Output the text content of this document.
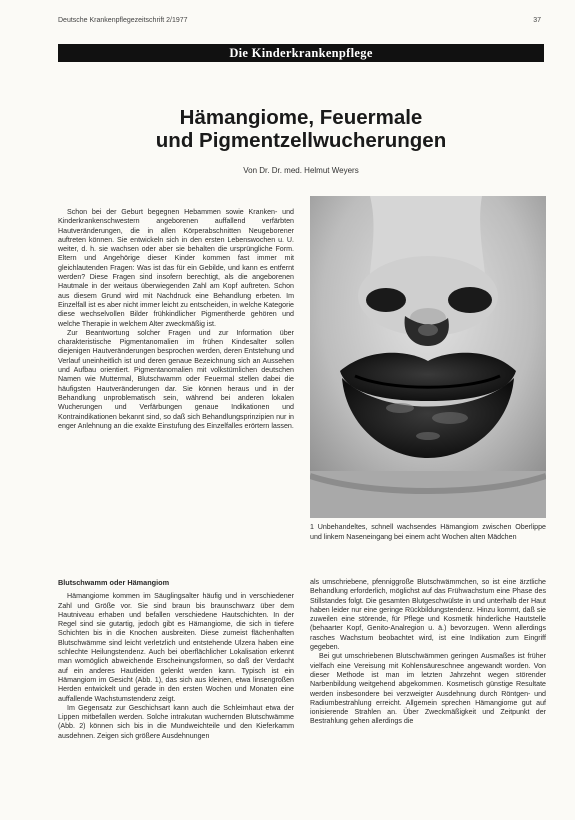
Deutsche Krankenpflegezeitschrift 2/1977	37
Die Kinderkrankenpflege
Hämangiome, Feuermale
und Pigmentzellwucherungen
Von Dr. Dr. med. Helmut Weyers

Schon bei der Geburt begegnen Hebammen sowie Kranken- und Kinderkrankenschwestern angeborenen auffallend verfärbten Hautveränderungen, die in allen Körperabschnitten Neugeborener auftreten können. Sie entwickeln sich in den ersten Lebenswochen u. U. weiter, d. h. sie wachsen oder aber sie behalten die ursprüngliche Form. Eltern und Angehörige dieser Kinder kommen fast immer mit gleichlautenden Fragen: Was ist das für ein Gebilde, und kann es entfernt werden? Diese Fragen sind insofern berechtigt, als die angeborenen Hautmale in der weitaus überwiegenden Zahl am Kopf auftreten. Schon aus diesem Grund wird mit Nachdruck eine Behandlung erbeten. Im Einzelfall ist es aber nicht immer leicht zu entscheiden, in welche Kategorie diese wechselvollen Bilder frühkindlicher Pigmentherde gehören und welche Therapie in welchem Alter zweckmäßig ist.

Zur Beantwortung solcher Fragen und zur Information über charakteristische Pigmentanomalien im frühen Kindesalter sollen diejenigen Hautveränderungen besprochen werden, deren Entstehung und Verlauf uneinheitlich ist und deren genaue Bezeichnung sich an Aussehen und Aufbau orientiert. Pigmentanomalien mit volkstümlichen deutschen Namen wie Muttermal, Blutschwamm oder Feuermal stellen dabei die häufigsten Hautveränderungen dar. Sie können heraus und in der Behandlung unproblematisch sein, während bei anderen lokalen Wucherungen und Verfärbungen genaue Indikationen und Kontraindikationen bekannt sind, so daß sich Behandlungsprinzipien nur in enger Anlehnung an die exakte Einstufung des Einzelfalles erörtern lassen.

1 Unbehandeltes, schnell wachsendes Hämangiom zwischen Oberlippe und linkem Naseneingang bei einem acht Wochen alten Mädchen
Blutschwamm oder Hämangiom

Hämangiome kommen im Säuglingsalter häufig und in verschiedener Zahl und Größe vor. Sie sind braun bis braunschwarz über dem Hautniveau erhaben und befallen verschiedene Hautschichten. In der Regel sind sie gutartig, jedoch gibt es Hämangiome, die sich in tiefere Schichten bis in die Knochen ausbreiten. Diese zumeist flächenhaften Blutschwämme sind leicht verletzlich und entstehende Ulzera haben eine schlechte Heilungstendenz. Auch bei oberflächlicher Lokalisation erkennt man womöglich abweichende Erscheinungsformen, so daß der Verdacht auf ein anderes Hautleiden gelenkt werden kann. Typisch ist ein Hämangiom im Gesicht (Abb. 1), das sich aus kleinen, etwa linsengroßen Herden entwickelt und gerade in den ersten Wochen und Monaten eine auffallende Wachstumstendenz zeigt.

Im Gegensatz zur Geschichsart kann auch die Schleimhaut etwa der Lippen mitbefallen werden. Solche intrakutan wuchernden Blutschwämme (Abb. 2) können sich bis in die Mundweichteile und den Kieferkamm ausdehnen. Zeigen sich größere Ausdehnungen

als umschriebene, pfenniggroße Blutschwämmchen, so ist eine ärztliche Behandlung erforderlich, möglichst auf das Frühwachstum eine Phase des Stillstandes folgt. Die gesamten Blutgeschwülste in und unterhalb der Haut haben leider nur eine geringe Rückbildungstendenz. Hinzu kommt, daß sie zuweilen eine störende, für Pflege und Kosmetik hinderliche Hautstelle (behaarter Kopf, Genito-Analregion u. ä.) bevorzugen. Wenn allerdings rasches Wachstum beobachtet wird, ist eine Indikation zum Eingriff gegeben.

Bei gut umschriebenen Blutschwämmen geringen Ausmaßes ist früher vielfach eine Vereisung mit Kohlensäureschnee angewandt worden. Von dieser Methode ist man im letzten Jahrzehnt wegen störender Narbenbildung weitgehend abgekommen. Kosmetisch günstige Resultate werden insbesondere bei verzweigter Ausdehnung durch Röntgen- und Radiumbestrahlung erreicht. Allgemein sprechen Hämangiome gut auf ionisierende Strahlen an. Über Zweckmäßigkeit und Zeitpunkt der Bestrahlung gehen allerdings die
